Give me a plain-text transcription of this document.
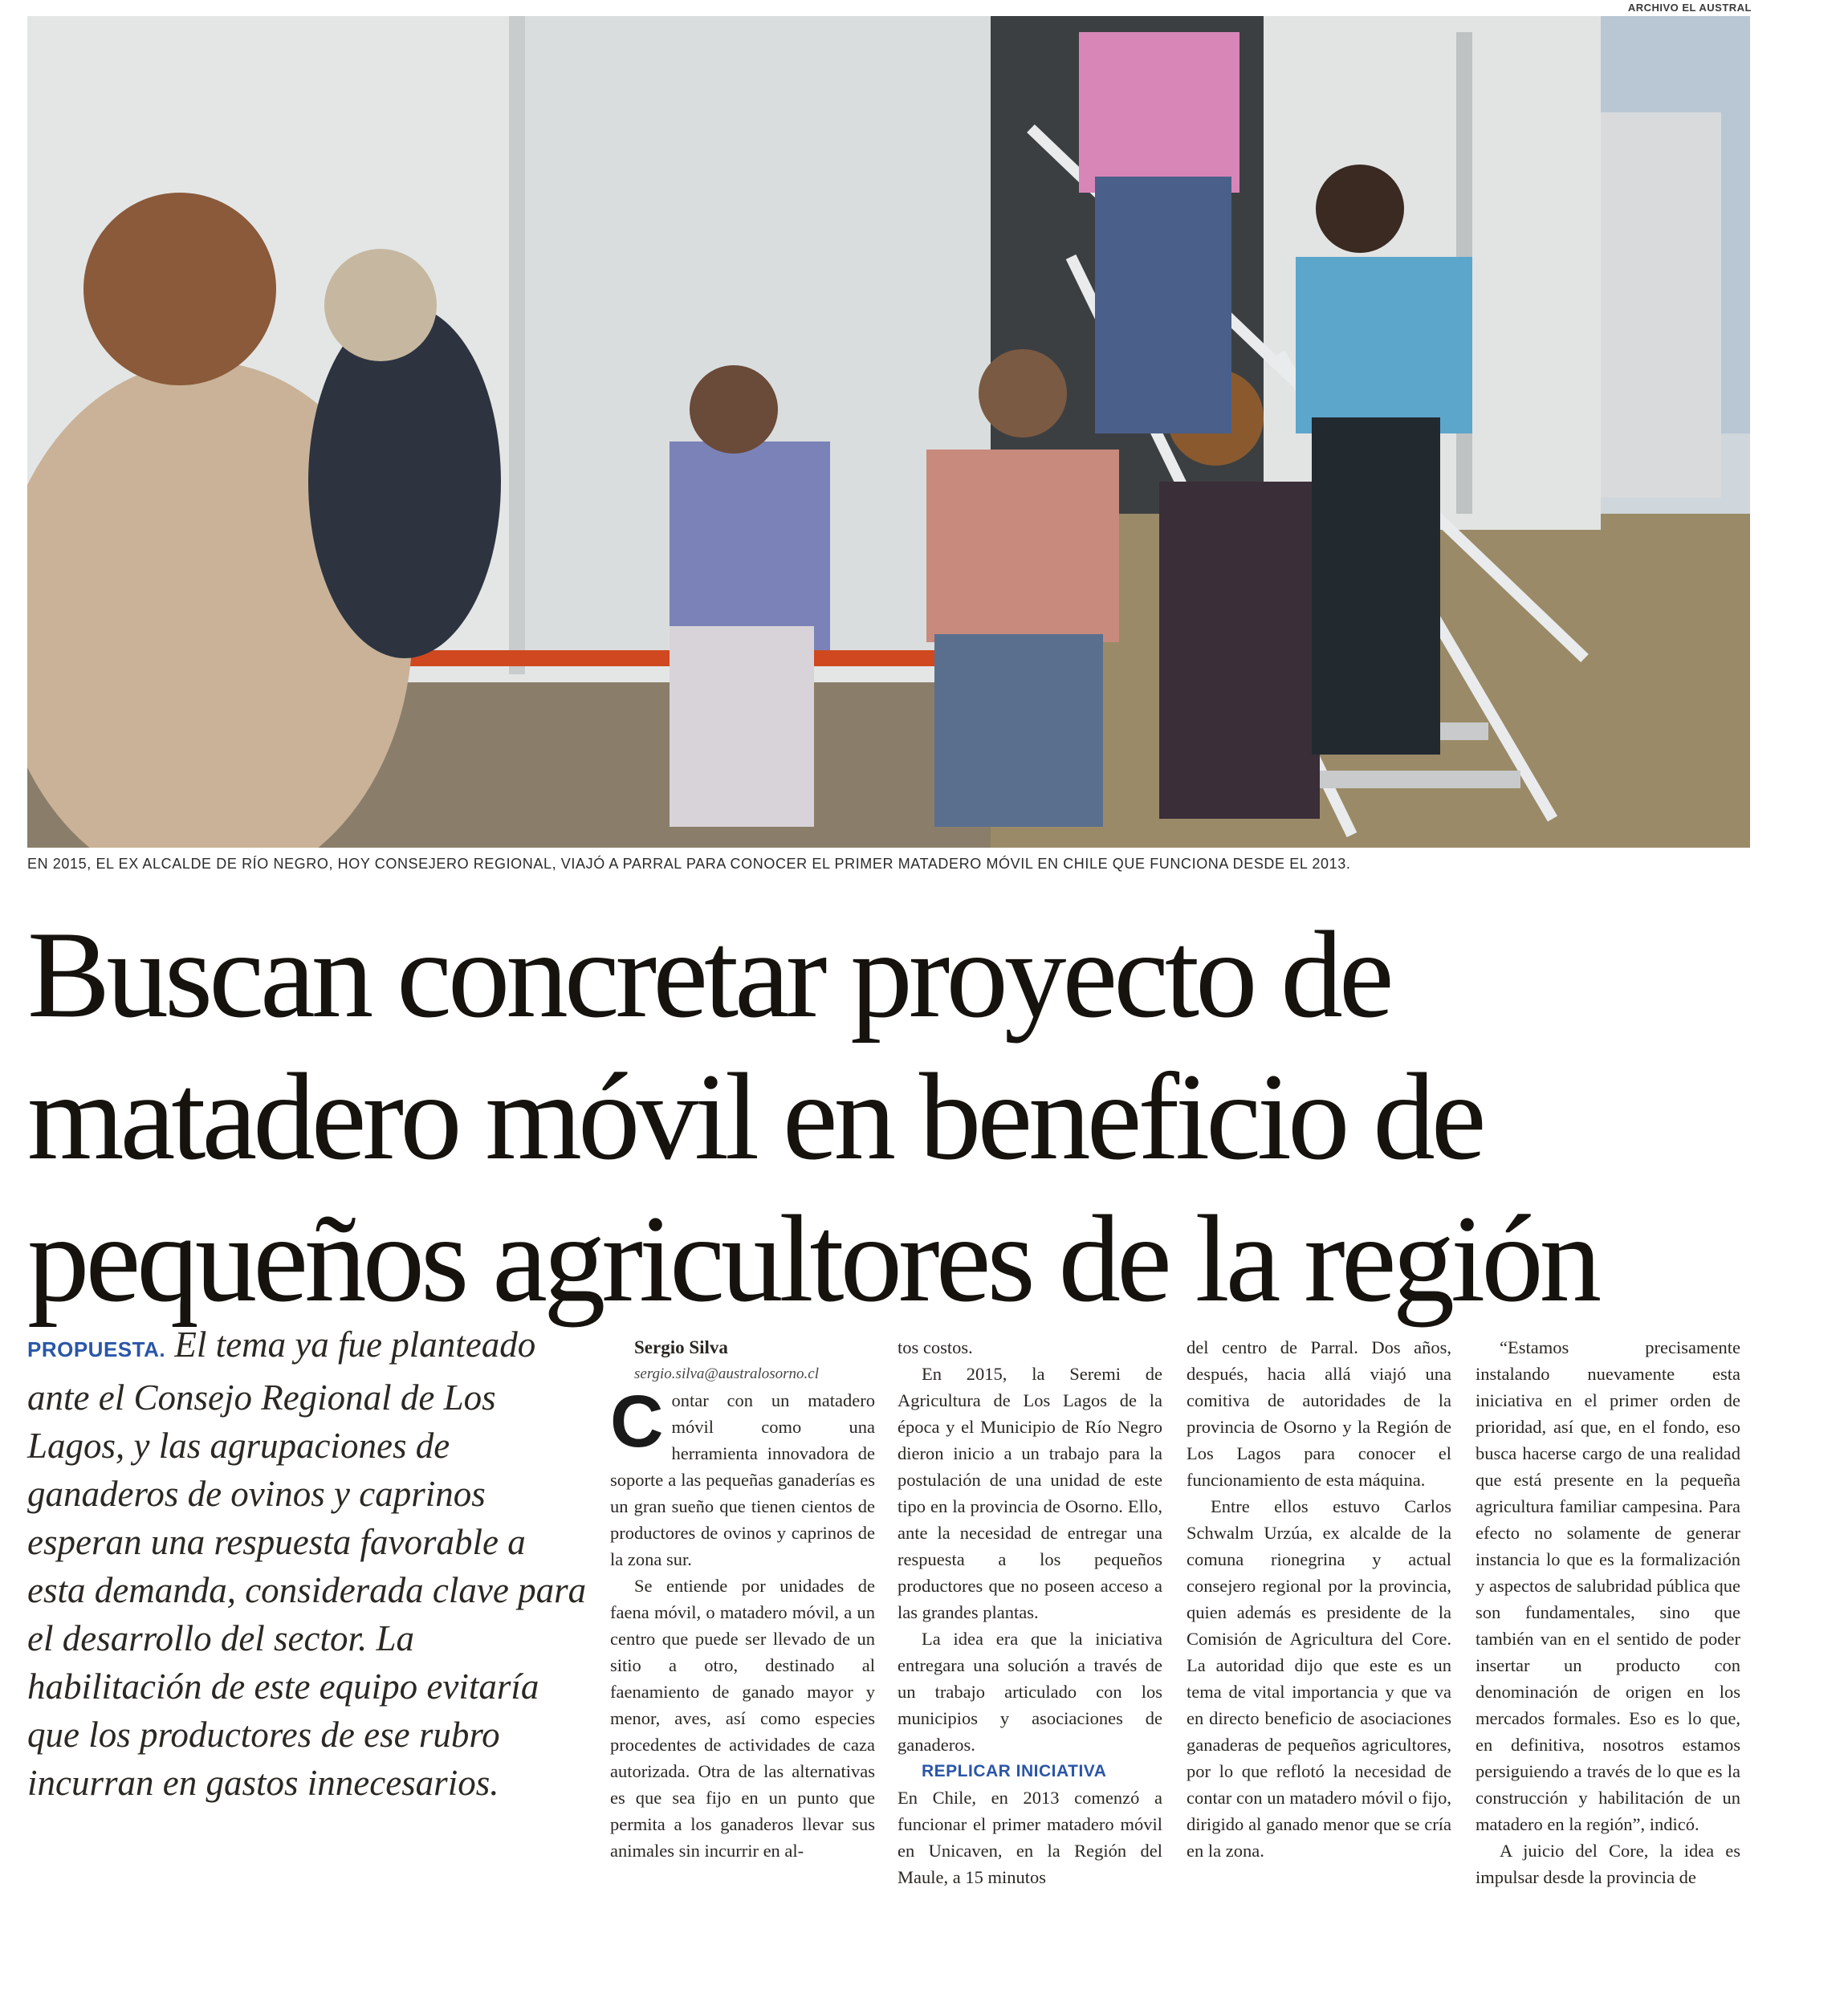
ARCHIVO EL AUSTRAL
EN 2015, EL EX ALCALDE DE RÍO NEGRO, HOY CONSEJERO REGIONAL, VIAJÓ A PARRAL PARA CONOCER EL PRIMER MATADERO MÓVIL EN CHILE QUE FUNCIONA DESDE EL 2013.
Buscan concretar proyecto de
matadero móvil en beneficio de
pequeños agricultores de la región
PROPUESTA. El tema ya fue planteado ante el Consejo Regional de Los Lagos, y las agrupaciones de ganaderos de ovinos y caprinos esperan una respuesta favorable a esta demanda, considerada clave para el desarrollo del sector. La habilitación de este equipo evitaría que los productores de ese rubro incurran en gastos innecesarios.

Sergio Silva

sergio.silva@australosorno.cl

Contar con un matadero móvil como una herramienta innovadora de soporte a las pequeñas ganaderías es un gran sueño que tienen cientos de productores de ovinos y caprinos de la zona sur.

Se entiende por unidades de faena móvil, o matadero móvil, a un centro que puede ser llevado de un sitio a otro, destinado al faenamiento de ganado mayor y menor, aves, así como especies procedentes de actividades de caza autorizada. Otra de las alternativas es que sea fijo en un punto que permita a los ganaderos llevar sus animales sin incurrir en al-

tos costos.

En 2015, la Seremi de Agricultura de Los Lagos de la época y el Municipio de Río Negro dieron inicio a un trabajo para la postulación de una unidad de este tipo en la provincia de Osorno. Ello, ante la necesidad de entregar una respuesta a los pequeños productores que no poseen acceso a las grandes plantas.

La idea era que la iniciativa entregara una solución a través de un trabajo articulado con los municipios y asociaciones de ganaderos.

REPLICAR INICIATIVA

En Chile, en 2013 comenzó a funcionar el primer matadero móvil en Unicaven, en la Región del Maule, a 15 minutos

del centro de Parral. Dos años, después, hacia allá viajó una comitiva de autoridades de la provincia de Osorno y la Región de Los Lagos para conocer el funcionamiento de esta máquina.

Entre ellos estuvo Carlos Schwalm Urzúa, ex alcalde de la comuna rionegrina y actual consejero regional por la provincia, quien además es presidente de la Comisión de Agricultura del Core. La autoridad dijo que este es un tema de vital importancia y que va en directo beneficio de asociaciones ganaderas de pequeños agricultores, por lo que reflotó la necesidad de contar con un matadero móvil o fijo, dirigido al ganado menor que se cría en la zona.

“Estamos precisamente instalando nuevamente esta iniciativa en el primer orden de prioridad, así que, en el fondo, eso busca hacerse cargo de una realidad que está presente en la pequeña agricultura familiar campesina. Para efecto no solamente de generar instancia lo que es la formalización y aspectos de salubridad pública que son fundamentales, sino que también van en el sentido de poder insertar un producto con denominación de origen en los mercados formales. Eso es lo que, en definitiva, nosotros estamos persiguiendo a través de lo que es la construcción y habilitación de un matadero en la región”, indicó.

A juicio del Core, la idea es impulsar desde la provincia de
